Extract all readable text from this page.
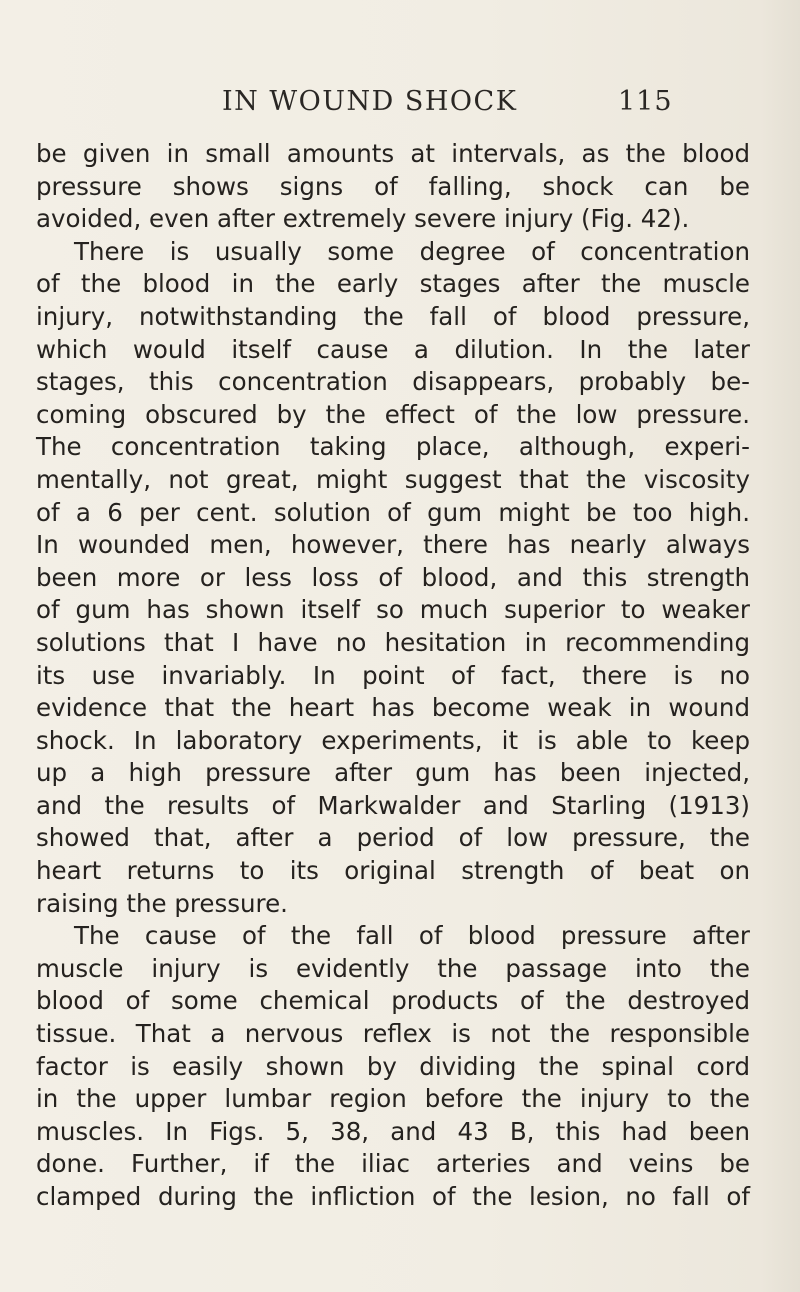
IN WOUND SHOCK	115
be given in small amounts at intervals, as the blood
pressure shows signs of falling, shock can be
avoided, even after extremely severe injury (Fig. 42).
There is usually some degree of concentration
of the blood in the early stages after the muscle
injury, notwithstanding the fall of blood pressure,
which would itself cause a dilution. In the later
stages, this concentration disappears, probably be-
coming obscured by the effect of the low pressure.
The concentration taking place, although, experi-
mentally, not great, might suggest that the viscosity
of a 6 per cent. solution of gum might be too high.
In wounded men, however, there has nearly always
been more or less loss of blood, and this strength
of gum has shown itself so much superior to weaker
solutions that I have no hesitation in recommending
its use invariably. In point of fact, there is no
evidence that the heart has become weak in wound
shock. In laboratory experiments, it is able to keep
up a high pressure after gum has been injected,
and the results of Markwalder and Starling (1913)
showed that, after a period of low pressure, the
heart returns to its original strength of beat on
raising the pressure.
The cause of the fall of blood pressure after
muscle injury is evidently the passage into the
blood of some chemical products of the destroyed
tissue. That a nervous reflex is not the responsible
factor is easily shown by dividing the spinal cord
in the upper lumbar region before the injury to the
muscles. In Figs. 5, 38, and 43 B, this had been
done. Further, if the iliac arteries and veins be
clamped during the infliction of the lesion, no fall of
